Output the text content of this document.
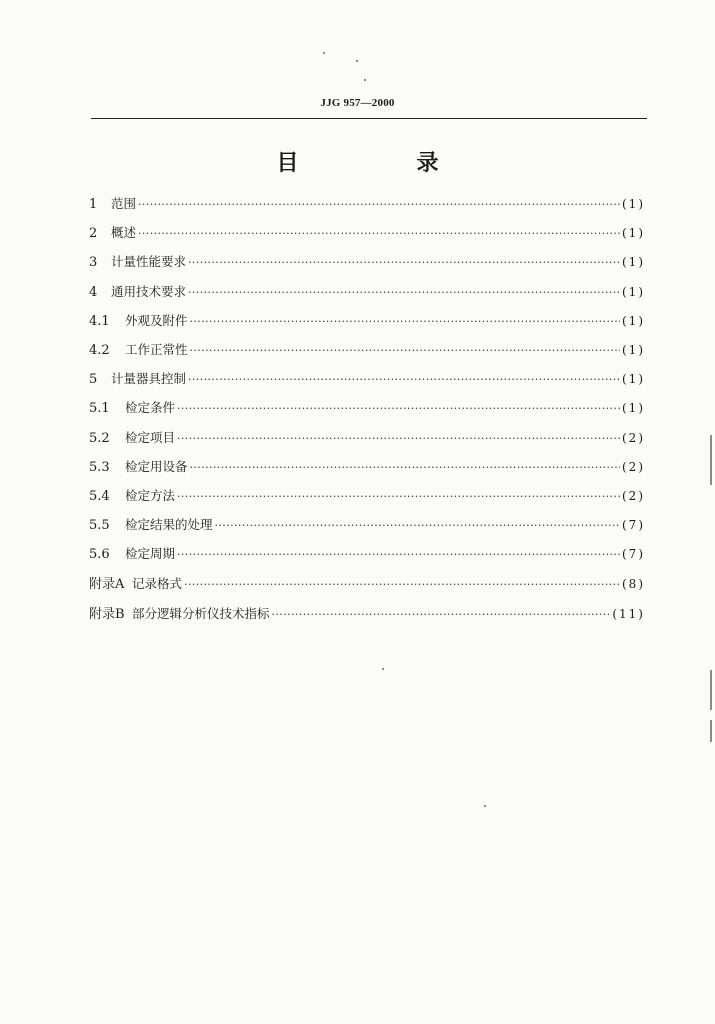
JJG 957—2000
目　录
1	范围 ·····	(1)
2	概述 ·····	(1)
3	计量性能要求 ·····	(1)
4	通用技术要求 ·····	(1)
4.1	外观及附件 ·····	(1)
4.2	工作正常性 ·····	(1)
5	计量器具控制 ·····	(1)
5.1	检定条件 ·····	(1)
5.2	检定项目 ·····	(2)
5.3	检定用设备 ·····	(2)
5.4	检定方法 ·····	(2)
5.5	检定结果的处理 ·····	(7)
5.6	检定周期 ·····	(7)
附录A 记录格式 ·····	(8)
附录B 部分逻辑分析仪技术指标 ·····	(11)
